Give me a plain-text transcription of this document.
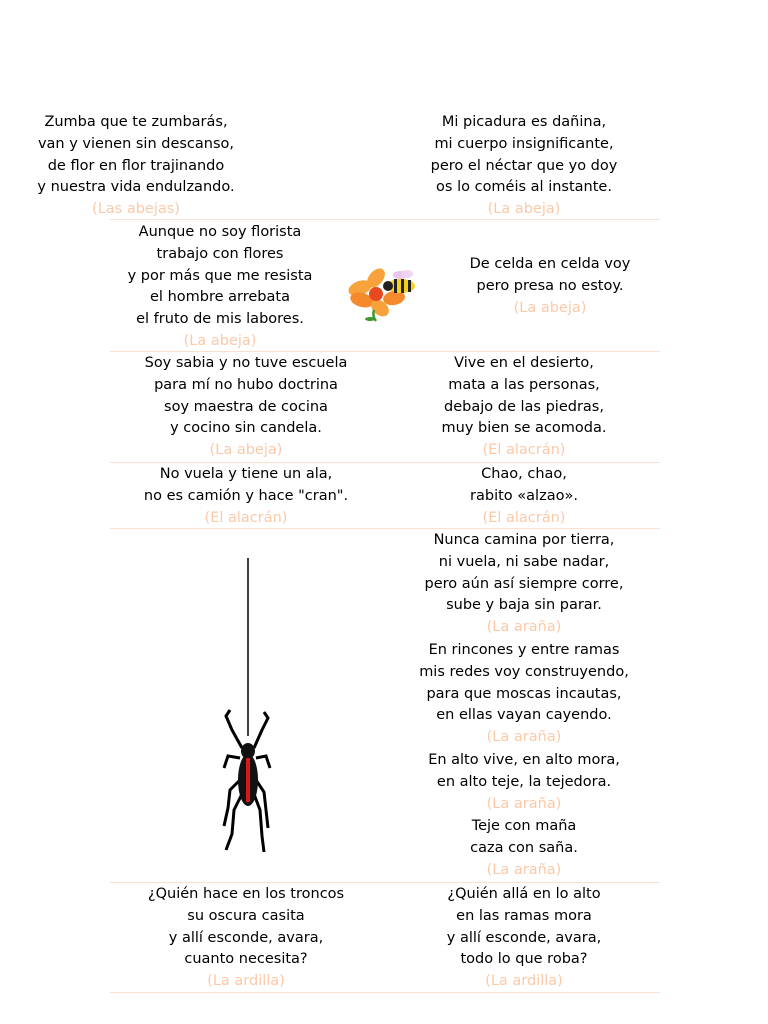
Zumba que te zumbarás,
van y vienen sin descanso,
de flor en flor trajinando
y nuestra vida endulzando.
(Las abejas)
Mi picadura es dañina,
mi cuerpo insignificante,
pero el néctar que yo doy
os lo coméis al instante.
(La abeja)
Aunque no soy florista
trabajo con flores
y por más que me resista
el hombre arrebata
el fruto de mis labores.
(La abeja)
De celda en celda voy
pero presa no estoy.
(La abeja)
Soy sabia y no tuve escuela
para mí no hubo doctrina
soy maestra de cocina
y cocino sin candela.
(La abeja)
Vive en el desierto,
mata a las personas,
debajo de las piedras,
muy bien se acomoda.
(El alacrán)
No vuela y tiene un ala,
no es camión y hace "cran".
(El alacrán)
Chao, chao,
rabito «alzao».
(El alacrán)
Nunca camina por tierra,
ni vuela, ni sabe nadar,
pero aún así siempre corre,
sube y baja sin parar.
(La araña)
En rincones y entre ramas
mis redes voy construyendo,
para que moscas incautas,
en ellas vayan cayendo.
(La araña)
En alto vive, en alto mora,
en alto teje, la tejedora.
(La araña)
Teje con maña
caza con saña.
(La araña)
¿Quién hace en los troncos
su oscura casita
y allí esconde, avara,
cuanto necesita?
(La ardilla)
¿Quién allá en lo alto
en las ramas mora
y allí esconde, avara,
todo lo que roba?
(La ardilla)
